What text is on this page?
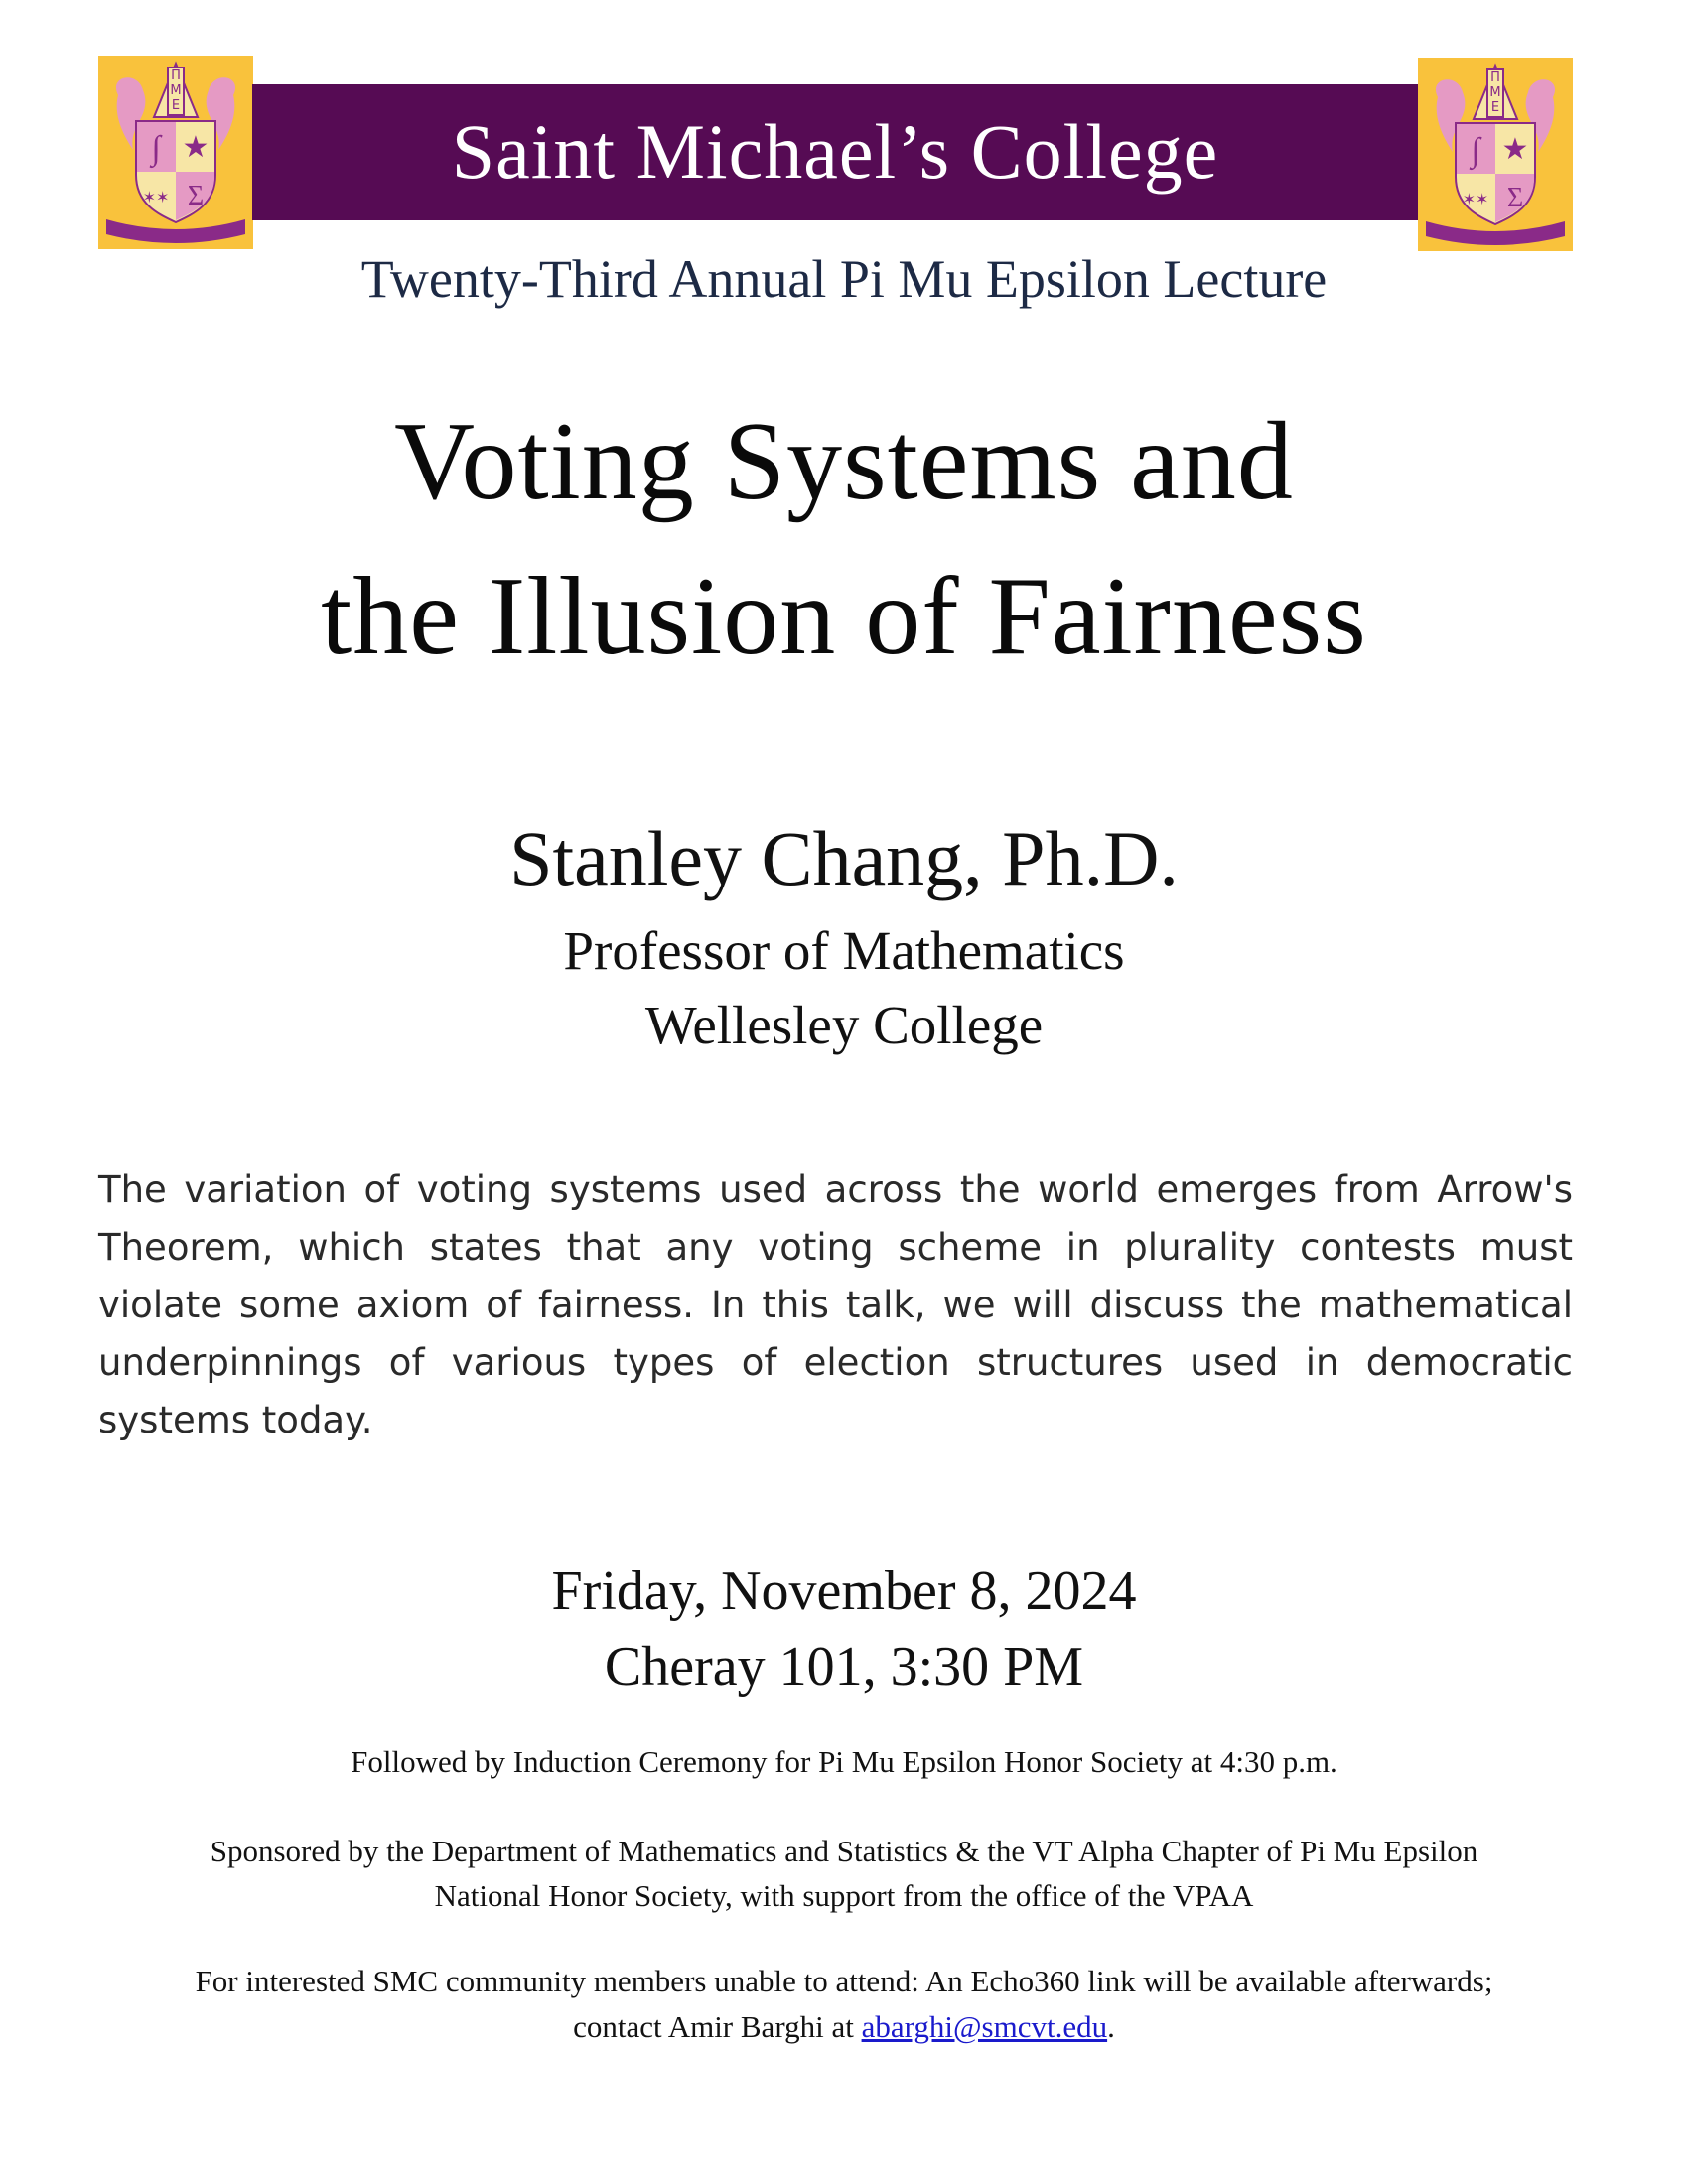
∫ ★
✶✶ Σ
ΠΜΕ
∫ ★
✶✶ Σ
ΠΜΕ
Saint Michael’s College
Twenty-Third Annual Pi Mu Epsilon Lecture
Voting Systems and
the Illusion of Fairness
Stanley Chang, Ph.D.
Professor of Mathematics
Wellesley College
The variation of voting systems used across the world emerges from Arrow's Theorem, which states that any voting scheme in plurality contests must violate some axiom of fairness. In this talk, we will discuss the mathematical underpinnings of various types of election structures used in democratic systems today.
Friday, November 8, 2024
Cheray 101, 3:30 PM
Followed by Induction Ceremony for Pi Mu Epsilon Honor Society at 4:30 p.m.
Sponsored by the Department of Mathematics and Statistics & the VT Alpha Chapter of Pi Mu Epsilon
National Honor Society, with support from the office of the VPAA
For interested SMC community members unable to attend: An Echo360 link will be available afterwards;
contact Amir Barghi at abarghi@smcvt.edu.
